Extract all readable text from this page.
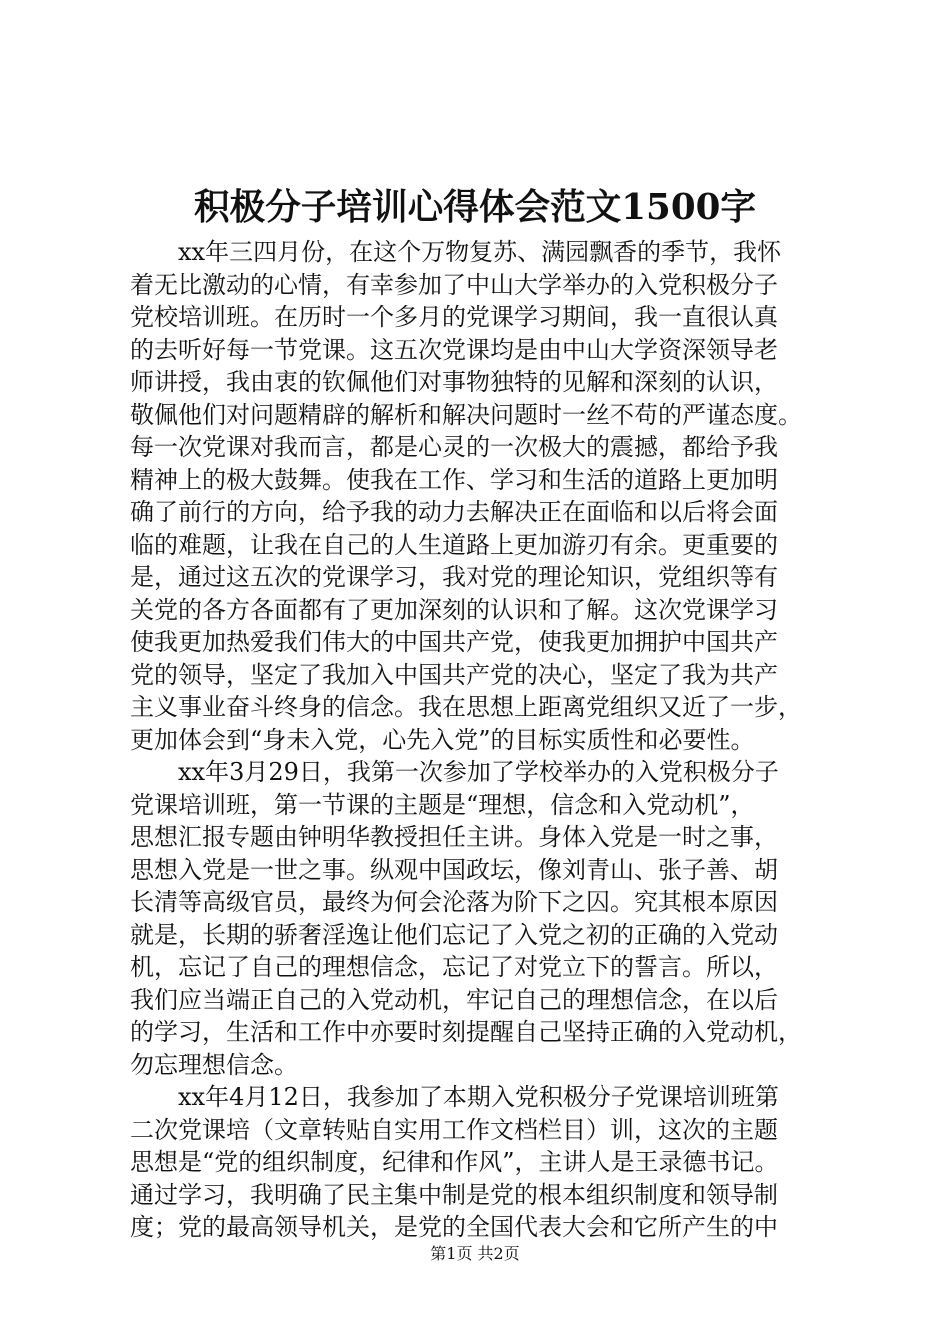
积极分子培训心得体会范文1500字
xx年三四月份，在这个万物复苏、满园飘香的季节，我怀
着无比激动的心情，有幸参加了中山大学举办的入党积极分子
党校培训班。在历时一个多月的党课学习期间，我一直很认真
的去听好每一节党课。这五次党课均是由中山大学资深领导老
师讲授，我由衷的钦佩他们对事物独特的见解和深刻的认识，
敬佩他们对问题精辟的解析和解决问题时一丝不苟的严谨态度。
每一次党课对我而言，都是心灵的一次极大的震撼，都给予我
精神上的极大鼓舞。使我在工作、学习和生活的道路上更加明
确了前行的方向，给予我的动力去解决正在面临和以后将会面
临的难题，让我在自己的人生道路上更加游刃有余。更重要的
是，通过这五次的党课学习，我对党的理论知识，党组织等有
关党的各方各面都有了更加深刻的认识和了解。这次党课学习
使我更加热爱我们伟大的中国共产党，使我更加拥护中国共产
党的领导，坚定了我加入中国共产党的决心，坚定了我为共产
主义事业奋斗终身的信念。我在思想上距离党组织又近了一步，
更加体会到“身未入党，心先入党”的目标实质性和必要性。
xx年3月29日，我第一次参加了学校举办的入党积极分子
党课培训班，第一节课的主题是“理想，信念和入党动机”，
思想汇报专题由钟明华教授担任主讲。身体入党是一时之事，
思想入党是一世之事。纵观中国政坛，像刘青山、张子善、胡
长清等高级官员，最终为何会沦落为阶下之囚。究其根本原因
就是，长期的骄奢淫逸让他们忘记了入党之初的正确的入党动
机，忘记了自己的理想信念，忘记了对党立下的誓言。所以，
我们应当端正自己的入党动机，牢记自己的理想信念，在以后
的学习，生活和工作中亦要时刻提醒自己坚持正确的入党动机，
勿忘理想信念。
xx年4月12日，我参加了本期入党积极分子党课培训班第
二次党课培（文章转贴自实用工作文档栏目）训，这次的主题
思想是“党的组织制度，纪律和作风”，主讲人是王录德书记。
通过学习，我明确了民主集中制是党的根本组织制度和领导制
度；党的最高领导机关，是党的全国代表大会和它所产生的中
第1页 共2页
